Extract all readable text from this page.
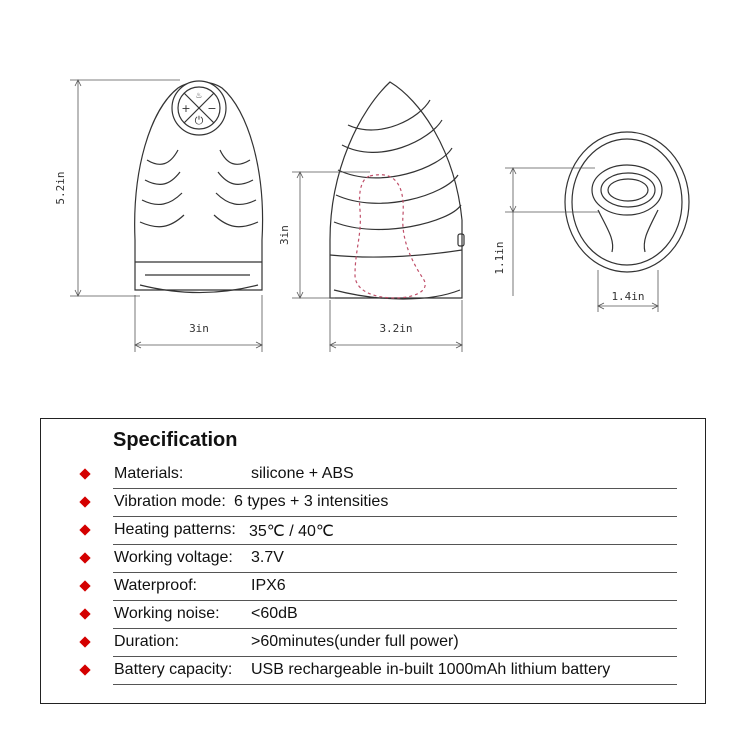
+ −
⏻
♨
5.2in
3in
3in
3.2in
1.1in
1.4in
Specification
Materials:	silicone + ABS
Vibration mode: 6 types + 3 intensities
Heating patterns: 35℃ / 40℃
Working voltage: 3.7V
Waterproof:	IPX6
Working noise: <60dB
Duration:	>60minutes(under full power)
Battery capacity: USB rechargeable in-built 1000mAh lithium battery
